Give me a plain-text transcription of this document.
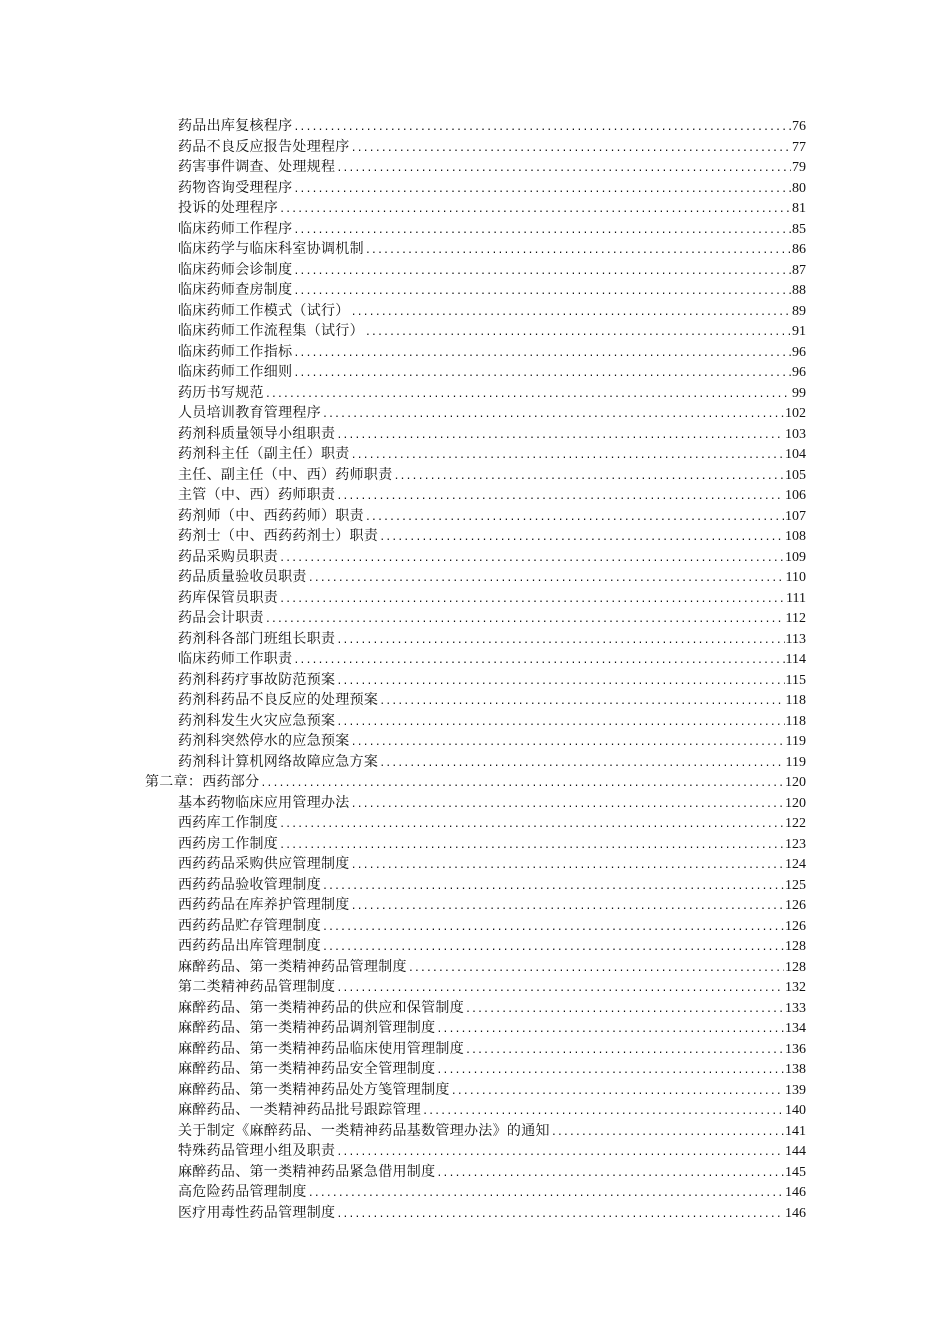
药品出库复核程序 .....	76
药品不良反应报告处理程序 .....	77
药害事件调查、处理规程 .....	79
药物咨询受理程序 .....	80
投诉的处理程序 .....	81
临床药师工作程序 .....	85
临床药学与临床科室协调机制 .....	86
临床药师会诊制度 .....	87
临床药师查房制度 .....	88
临床药师工作模式（试行） .....	89
临床药师工作流程集（试行） .....	91
临床药师工作指标 .....	96
临床药师工作细则 .....	96
药历书写规范 .....	99
人员培训教育管理程序 .....	102
药剂科质量领导小组职责 .....	103
药剂科主任（副主任）职责 .....	104
主任、副主任（中、西）药师职责 .....	105
主管（中、西）药师职责 .....	106
药剂师（中、西药药师）职责 .....	107
药剂士（中、西药药剂士）职责 .....	108
药品采购员职责 .....	109
药品质量验收员职责 .....	110
药库保管员职责 .....	111
药品会计职责 .....	112
药剂科各部门班组长职责 .....	113
临床药师工作职责 .....	114
药剂科药疗事故防范预案 .....	115
药剂科药品不良反应的处理预案 .....	118
药剂科发生火灾应急预案 .....	118
药剂科突然停水的应急预案 .....	119
药剂科计算机网络故障应急方案 .....	119
第二章：西药部分 .....	120
基本药物临床应用管理办法 .....	120
西药库工作制度 .....	122
西药房工作制度 .....	123
西药药品采购供应管理制度 .....	124
西药药品验收管理制度 .....	125
西药药品在库养护管理制度 .....	126
西药药品贮存管理制度 .....	126
西药药品出库管理制度 .....	128
麻醉药品、第一类精神药品管理制度 .....	128
第二类精神药品管理制度 .....	132
麻醉药品、第一类精神药品的供应和保管制度 .....	133
麻醉药品、第一类精神药品调剂管理制度 .....	134
麻醉药品、第一类精神药品临床使用管理制度 .....	136
麻醉药品、第一类精神药品安全管理制度 .....	138
麻醉药品、第一类精神药品处方笺管理制度 .....	139
麻醉药品、一类精神药品批号跟踪管理 .....	140
关于制定《麻醉药品、一类精神药品基数管理办法》的通知 .....	141
特殊药品管理小组及职责 .....	144
麻醉药品、第一类精神药品紧急借用制度 .....	145
高危险药品管理制度 .....	146
医疗用毒性药品管理制度 .....	146
